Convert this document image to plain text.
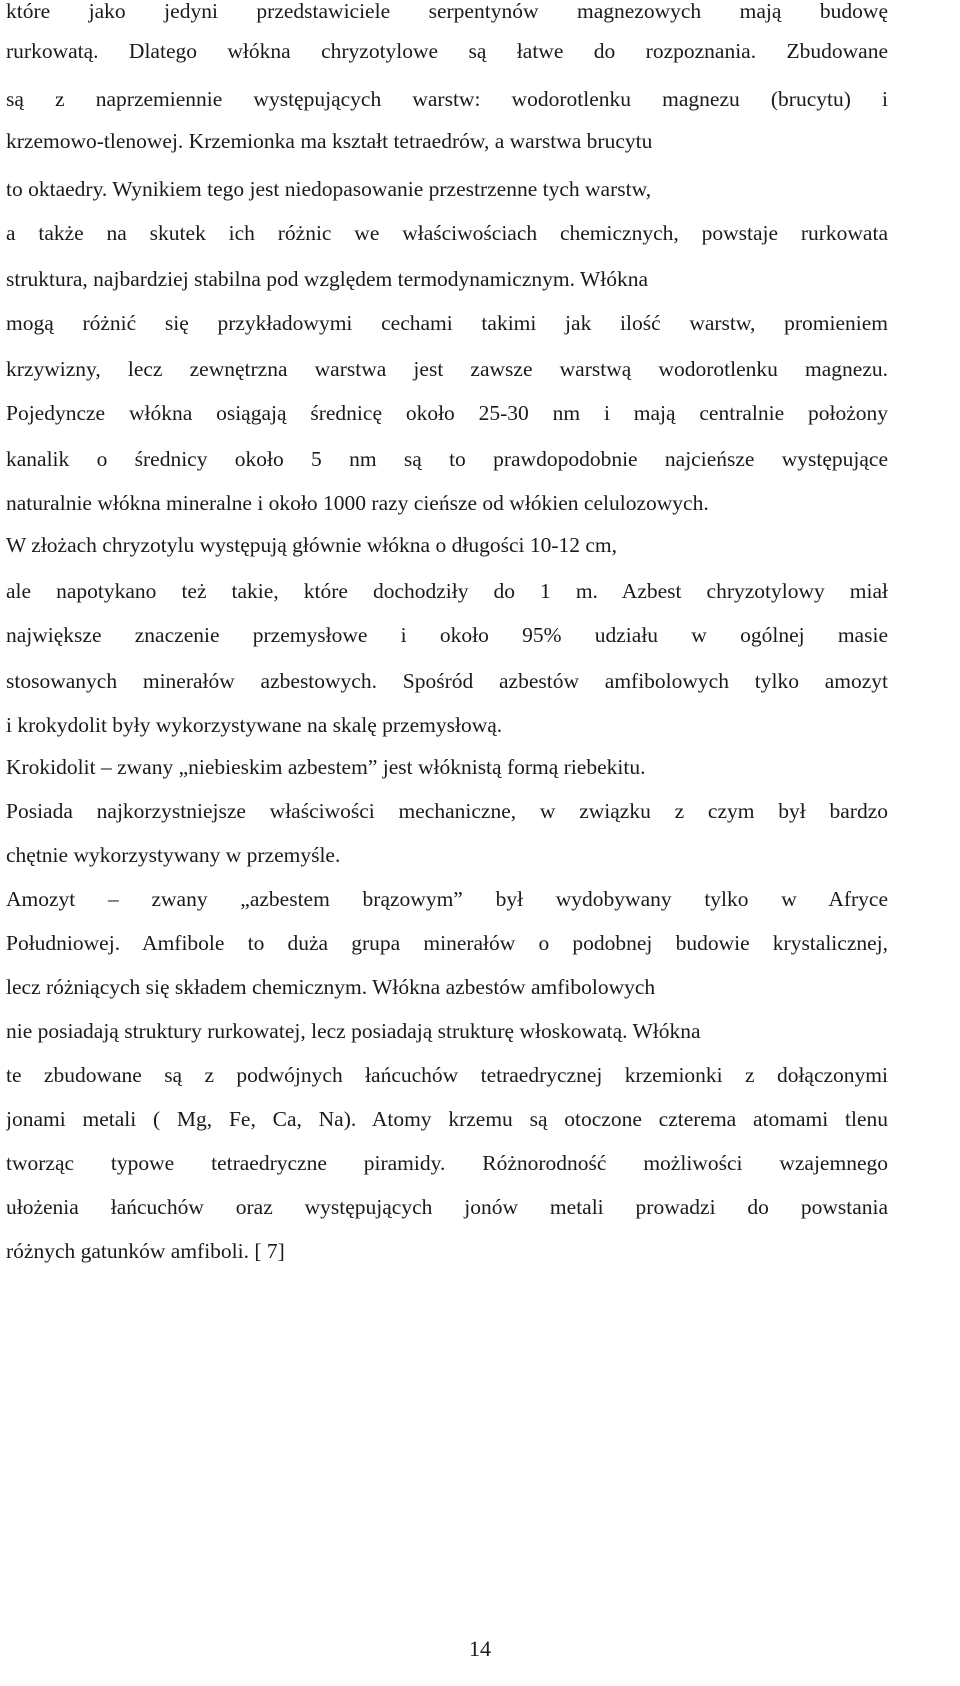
które jako jedyni przedstawiciele serpentynów magnezowych mają budowę
rurkowatą. Dlatego włókna chryzotylowe są łatwe do rozpoznania. Zbudowane
są z naprzemiennie występujących warstw: wodorotlenku magnezu (brucytu) i
krzemowo-tlenowej. Krzemionka ma kształt tetraedrów, a warstwa brucytu
to oktaedry. Wynikiem tego jest niedopasowanie przestrzenne tych warstw,
a także na skutek ich różnic we właściwościach chemicznych, powstaje rurkowata
struktura, najbardziej stabilna pod względem termodynamicznym. Włókna
mogą różnić się przykładowymi cechami takimi jak ilość warstw, promieniem
krzywizny, lecz zewnętrzna warstwa jest zawsze warstwą wodorotlenku magnezu.
Pojedyncze włókna osiągają średnicę około 25-30 nm i mają centralnie położony
kanalik o średnicy około 5 nm są to prawdopodobnie najcieńsze występujące
naturalnie włókna mineralne i około 1000 razy cieńsze od włókien celulozowych.
W złożach chryzotylu występują głównie włókna o długości 10-12 cm,
ale napotykano też takie, które dochodziły do 1 m. Azbest chryzotylowy miał
największe znaczenie przemysłowe i około 95% udziału w ogólnej masie
stosowanych minerałów azbestowych. Spośród azbestów amfibolowych tylko amozyt
i krokydolit były wykorzystywane na skalę przemysłową.
Krokidolit – zwany „niebieskim azbestem” jest włóknistą formą riebekitu.
Posiada najkorzystniejsze właściwości mechaniczne, w związku z czym był bardzo
chętnie wykorzystywany w przemyśle.
Amozyt – zwany „azbestem brązowym” był wydobywany tylko w Afryce
Południowej. Amfibole to duża grupa minerałów o podobnej budowie krystalicznej,
lecz różniących się składem chemicznym. Włókna azbestów amfibolowych
nie posiadają struktury rurkowatej, lecz posiadają strukturę włoskowatą. Włókna
te zbudowane są z podwójnych łańcuchów tetraedrycznej krzemionki z dołączonymi
jonami metali ( Mg, Fe, Ca, Na). Atomy krzemu są otoczone czterema atomami tlenu
tworząc typowe tetraedryczne piramidy. Różnorodność możliwości wzajemnego
ułożenia łańcuchów oraz występujących jonów metali prowadzi do powstania
różnych gatunków amfiboli. [ 7]
14
